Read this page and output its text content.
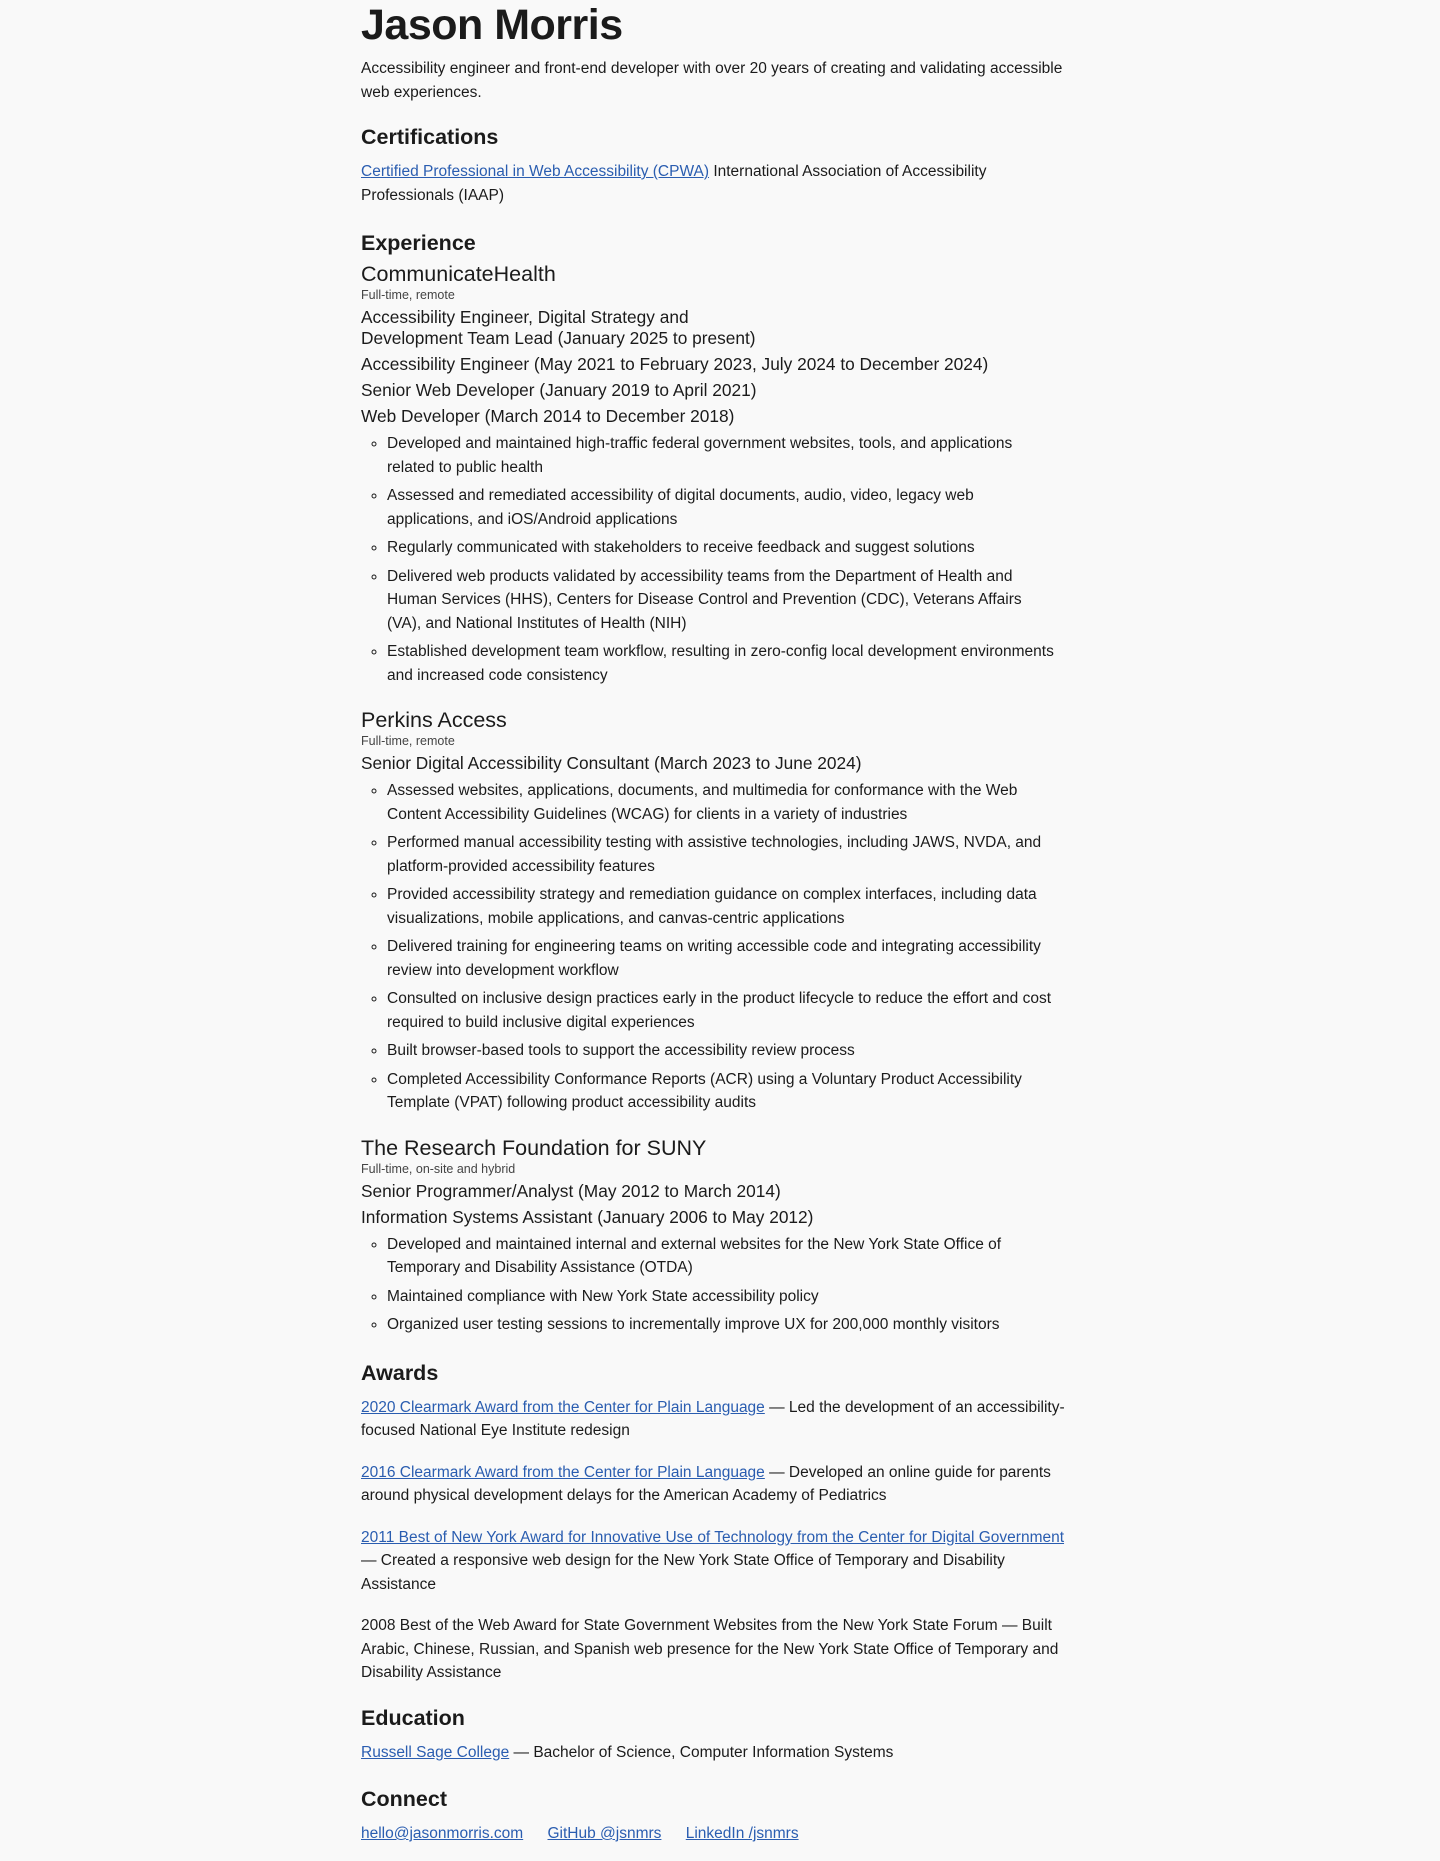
Jason Morris

Accessibility engineer and front-end developer with over 20 years of creating and validating accessible web experiences.

Certifications

Certified Professional in Web Accessibility (CPWA) International Association of Accessibility Professionals (IAAP)

Experience
CommunicateHealth
Full-time, remote
Accessibility Engineer, Digital Strategy and Development Team Lead (January 2025 to present)
Accessibility Engineer (May 2021 to February 2023, July 2024 to December 2024)
Senior Web Developer (January 2019 to April 2021)
Web Developer (March 2014 to December 2018)
◦ Developed and maintained high-traffic federal government websites, tools, and applications related to public health
◦ Assessed and remediated accessibility of digital documents, audio, video, legacy web applications, and iOS/Android applications
◦ Regularly communicated with stakeholders to receive feedback and suggest solutions
◦ Delivered web products validated by accessibility teams from the Department of Health and Human Services (HHS), Centers for Disease Control and Prevention (CDC), Veterans Affairs (VA), and National Institutes of Health (NIH)
◦ Established development team workflow, resulting in zero-config local development environments and increased code consistency
Perkins Access
Full-time, remote
Senior Digital Accessibility Consultant (March 2023 to June 2024)
◦ Assessed websites, applications, documents, and multimedia for conformance with the Web Content Accessibility Guidelines (WCAG) for clients in a variety of industries
◦ Performed manual accessibility testing with assistive technologies, including JAWS, NVDA, and platform-provided accessibility features
◦ Provided accessibility strategy and remediation guidance on complex interfaces, including data visualizations, mobile applications, and canvas-centric applications
◦ Delivered training for engineering teams on writing accessible code and integrating accessibility review into development workflow
◦ Consulted on inclusive design practices early in the product lifecycle to reduce the effort and cost required to build inclusive digital experiences
◦ Built browser-based tools to support the accessibility review process
◦ Completed Accessibility Conformance Reports (ACR) using a Voluntary Product Accessibility Template (VPAT) following product accessibility audits
The Research Foundation for SUNY
Full-time, on-site and hybrid
Senior Programmer/Analyst (May 2012 to March 2014)
Information Systems Assistant (January 2006 to May 2012)
◦ Developed and maintained internal and external websites for the New York State Office of Temporary and Disability Assistance (OTDA)
◦ Maintained compliance with New York State accessibility policy
◦ Organized user testing sessions to incrementally improve UX for 200,000 monthly visitors
Awards

2020 Clearmark Award from the Center for Plain Language — Led the development of an accessibility-focused National Eye Institute redesign

2016 Clearmark Award from the Center for Plain Language — Developed an online guide for parents around physical development delays for the American Academy of Pediatrics

2011 Best of New York Award for Innovative Use of Technology from the Center for Digital Government — Created a responsive web design for the New York State Office of Temporary and Disability Assistance

2008 Best of the Web Award for State Government Websites from the New York State Forum — Built Arabic, Chinese, Russian, and Spanish web presence for the New York State Office of Temporary and Disability Assistance

Education

Russell Sage College — Bachelor of Science, Computer Information Systems

Connect
hello@jasonmorris.com GitHub @jsnmrs LinkedIn /jsnmrs
